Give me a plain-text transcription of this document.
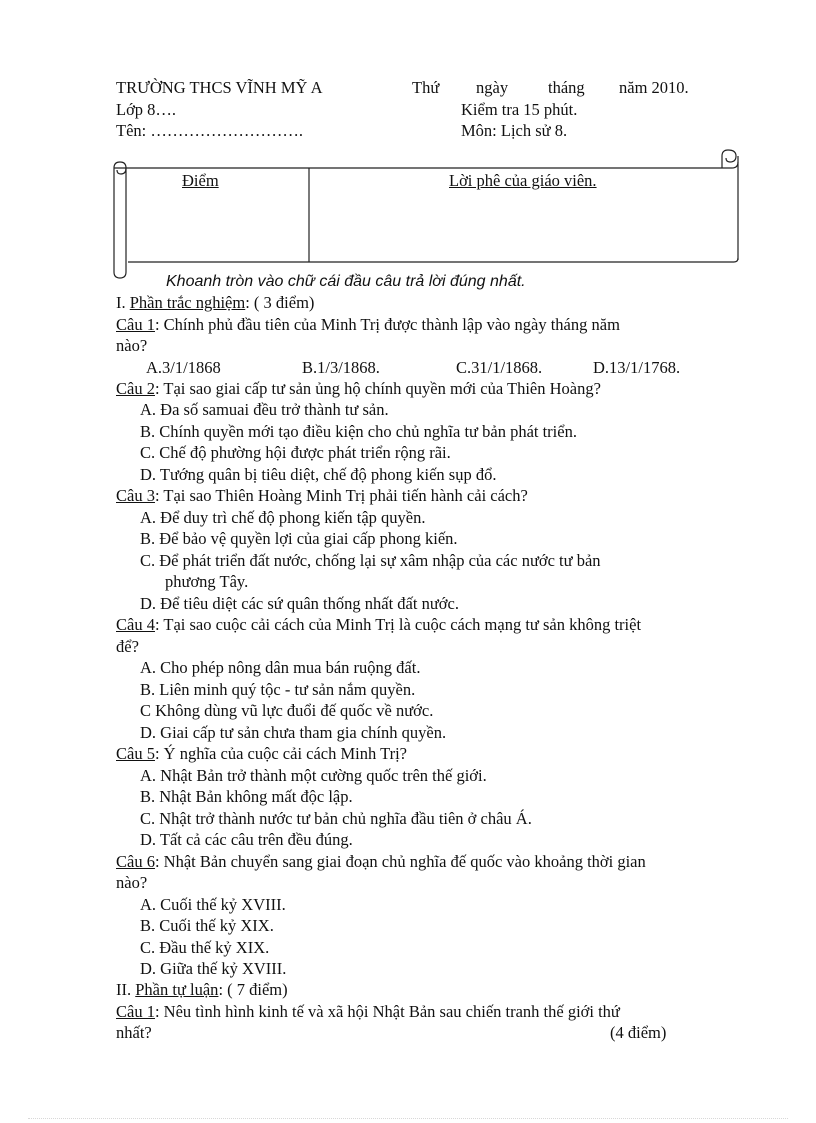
TRƯỜNG THCS VĨNH MỸ A	Thứ ngày tháng năm 2010.
Lớp 8….	Kiểm tra 15 phút.
Tên: ……………………….	Môn: Lịch sử 8.
Điểm	Lời phê của giáo viên.
Khoanh tròn vào chữ cái đầu câu trả lời đúng nhất.
I. Phần trắc nghiệm: ( 3 điểm)
Câu 1: Chính phủ đầu tiên của Minh Trị được thành lập vào ngày tháng năm
nào?
A.3/1/1868	B.1/3/1868.	C.31/1/1868.	D.13/1/1768.
Câu 2: Tại sao giai cấp tư sản ủng hộ chính quyền mới của Thiên Hoàng?
A. Đa số samuai đều trở thành tư sản.
B. Chính quyền mới tạo điều kiện cho chủ nghĩa tư bản phát triển.
C. Chế độ phường hội được phát triển rộng rãi.
D. Tướng quân bị tiêu diệt, chế độ phong kiến sụp đổ.
Câu 3: Tại sao Thiên Hoàng Minh Trị phải tiến hành cải cách?
A. Để duy trì chế độ phong kiến tập quyền.
B. Để bảo vệ quyền lợi của giai cấp phong kiến.
C. Để phát triển đất nước, chống lại sự xâm nhập của các nước tư bản
phương Tây.
D. Để tiêu diệt các sứ quân thống nhất đất nước.
Câu 4: Tại sao cuộc cải cách của Minh Trị là cuộc cách mạng tư sản không triệt
để?
A. Cho phép nông dân mua bán ruộng đất.
B. Liên minh quý tộc - tư sản nắm quyền.
C Không dùng vũ lực đuổi đế quốc về nước.
D. Giai cấp tư sản chưa tham gia chính quyền.
Câu 5: Ý nghĩa của cuộc cải cách Minh Trị?
A. Nhật Bản trở thành một cường quốc trên thế giới.
B. Nhật Bản không mất độc lập.
C. Nhật trở thành nước tư bản chủ nghĩa đầu tiên ở châu Á.
D. Tất cả các câu trên đều đúng.
Câu 6: Nhật Bản chuyển sang giai đoạn chủ nghĩa đế quốc vào khoảng thời gian
nào?
A. Cuối thế kỷ XVIII.
B. Cuối thế kỷ XIX.
C. Đầu thế kỷ XIX.
D. Giữa thế kỷ XVIII.
II. Phần tự luận: ( 7 điểm)
Câu 1: Nêu tình hình kinh tế và xã hội Nhật Bản sau chiến tranh thế giới thứ
nhất?	(4 điểm)
